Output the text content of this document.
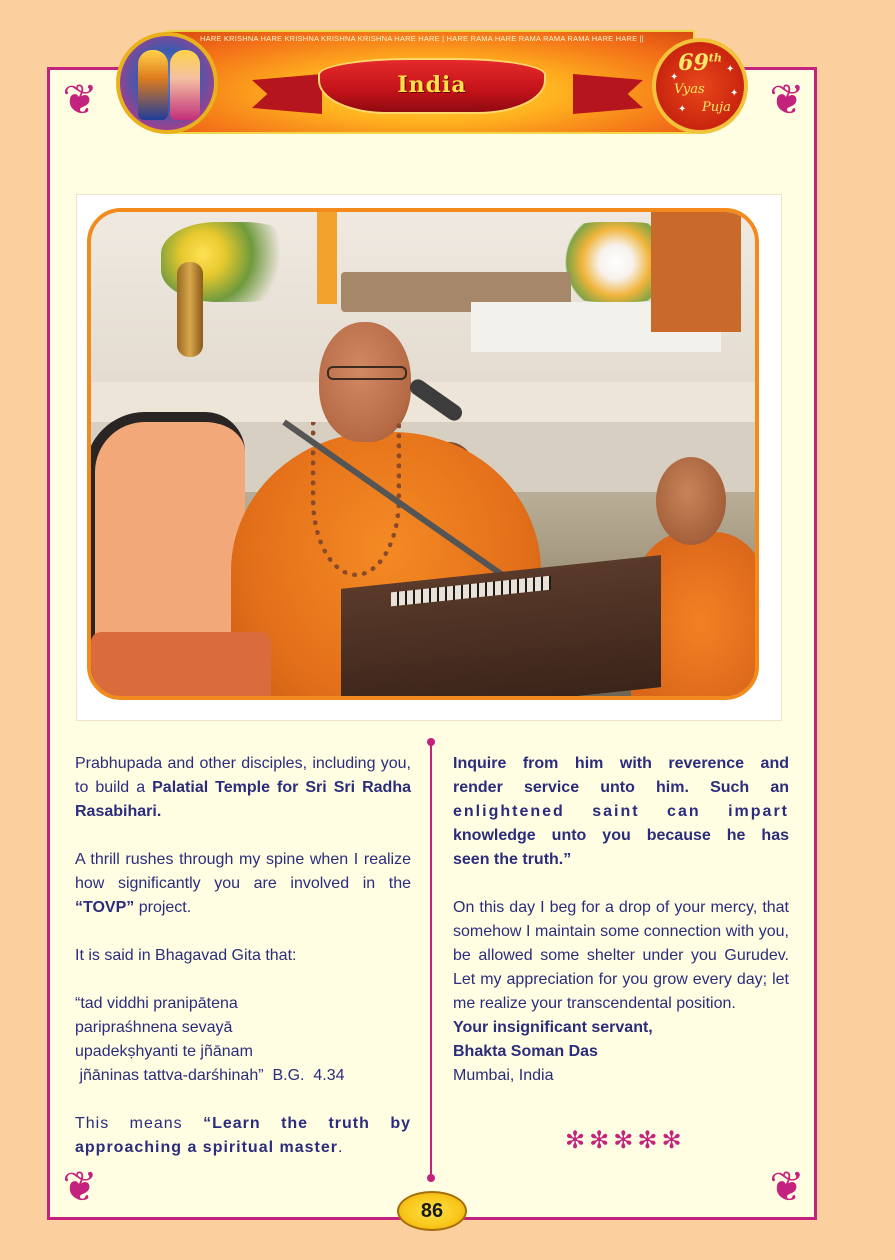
❦	❦
❦	❦
HARE KRISHNA HARE KRISHNA KRISHNA KRISHNA HARE HARE | HARE RAMA HARE RAMA RAMA RAMA HARE HARE ||
India
69th
Vyas
Puja
✦
✦
✦
✦

Prabhupada and other disciples, including you, to build a Palatial Temple for Sri Sri Radha Rasabihari.

A thrill rushes through my spine when I realize how significantly you are involved in the “TOVP” project.

It is said in Bhagavad Gita that:

“tad viddhi pranipātena

paripraśhnena sevayā

upadekṣhyanti te jñānam

jñāninas tattva-darśhinah”  B.G.  4.34

This means “Learn the truth by approaching a spiritual master.

Inquire from him with reverence and

render service unto him. Such an

enlightened saint can impart

knowledge unto you because he has

seen the truth.”

On this day I beg for a drop of your mercy, that somehow I maintain some connection with you, be allowed some shelter under you Gurudev. Let my appreciation for you grow every day; let me realize your transcendental position.

Your insignificant servant,

Bhakta Soman Das

Mumbai, India

✻✻✻✻✻
86
